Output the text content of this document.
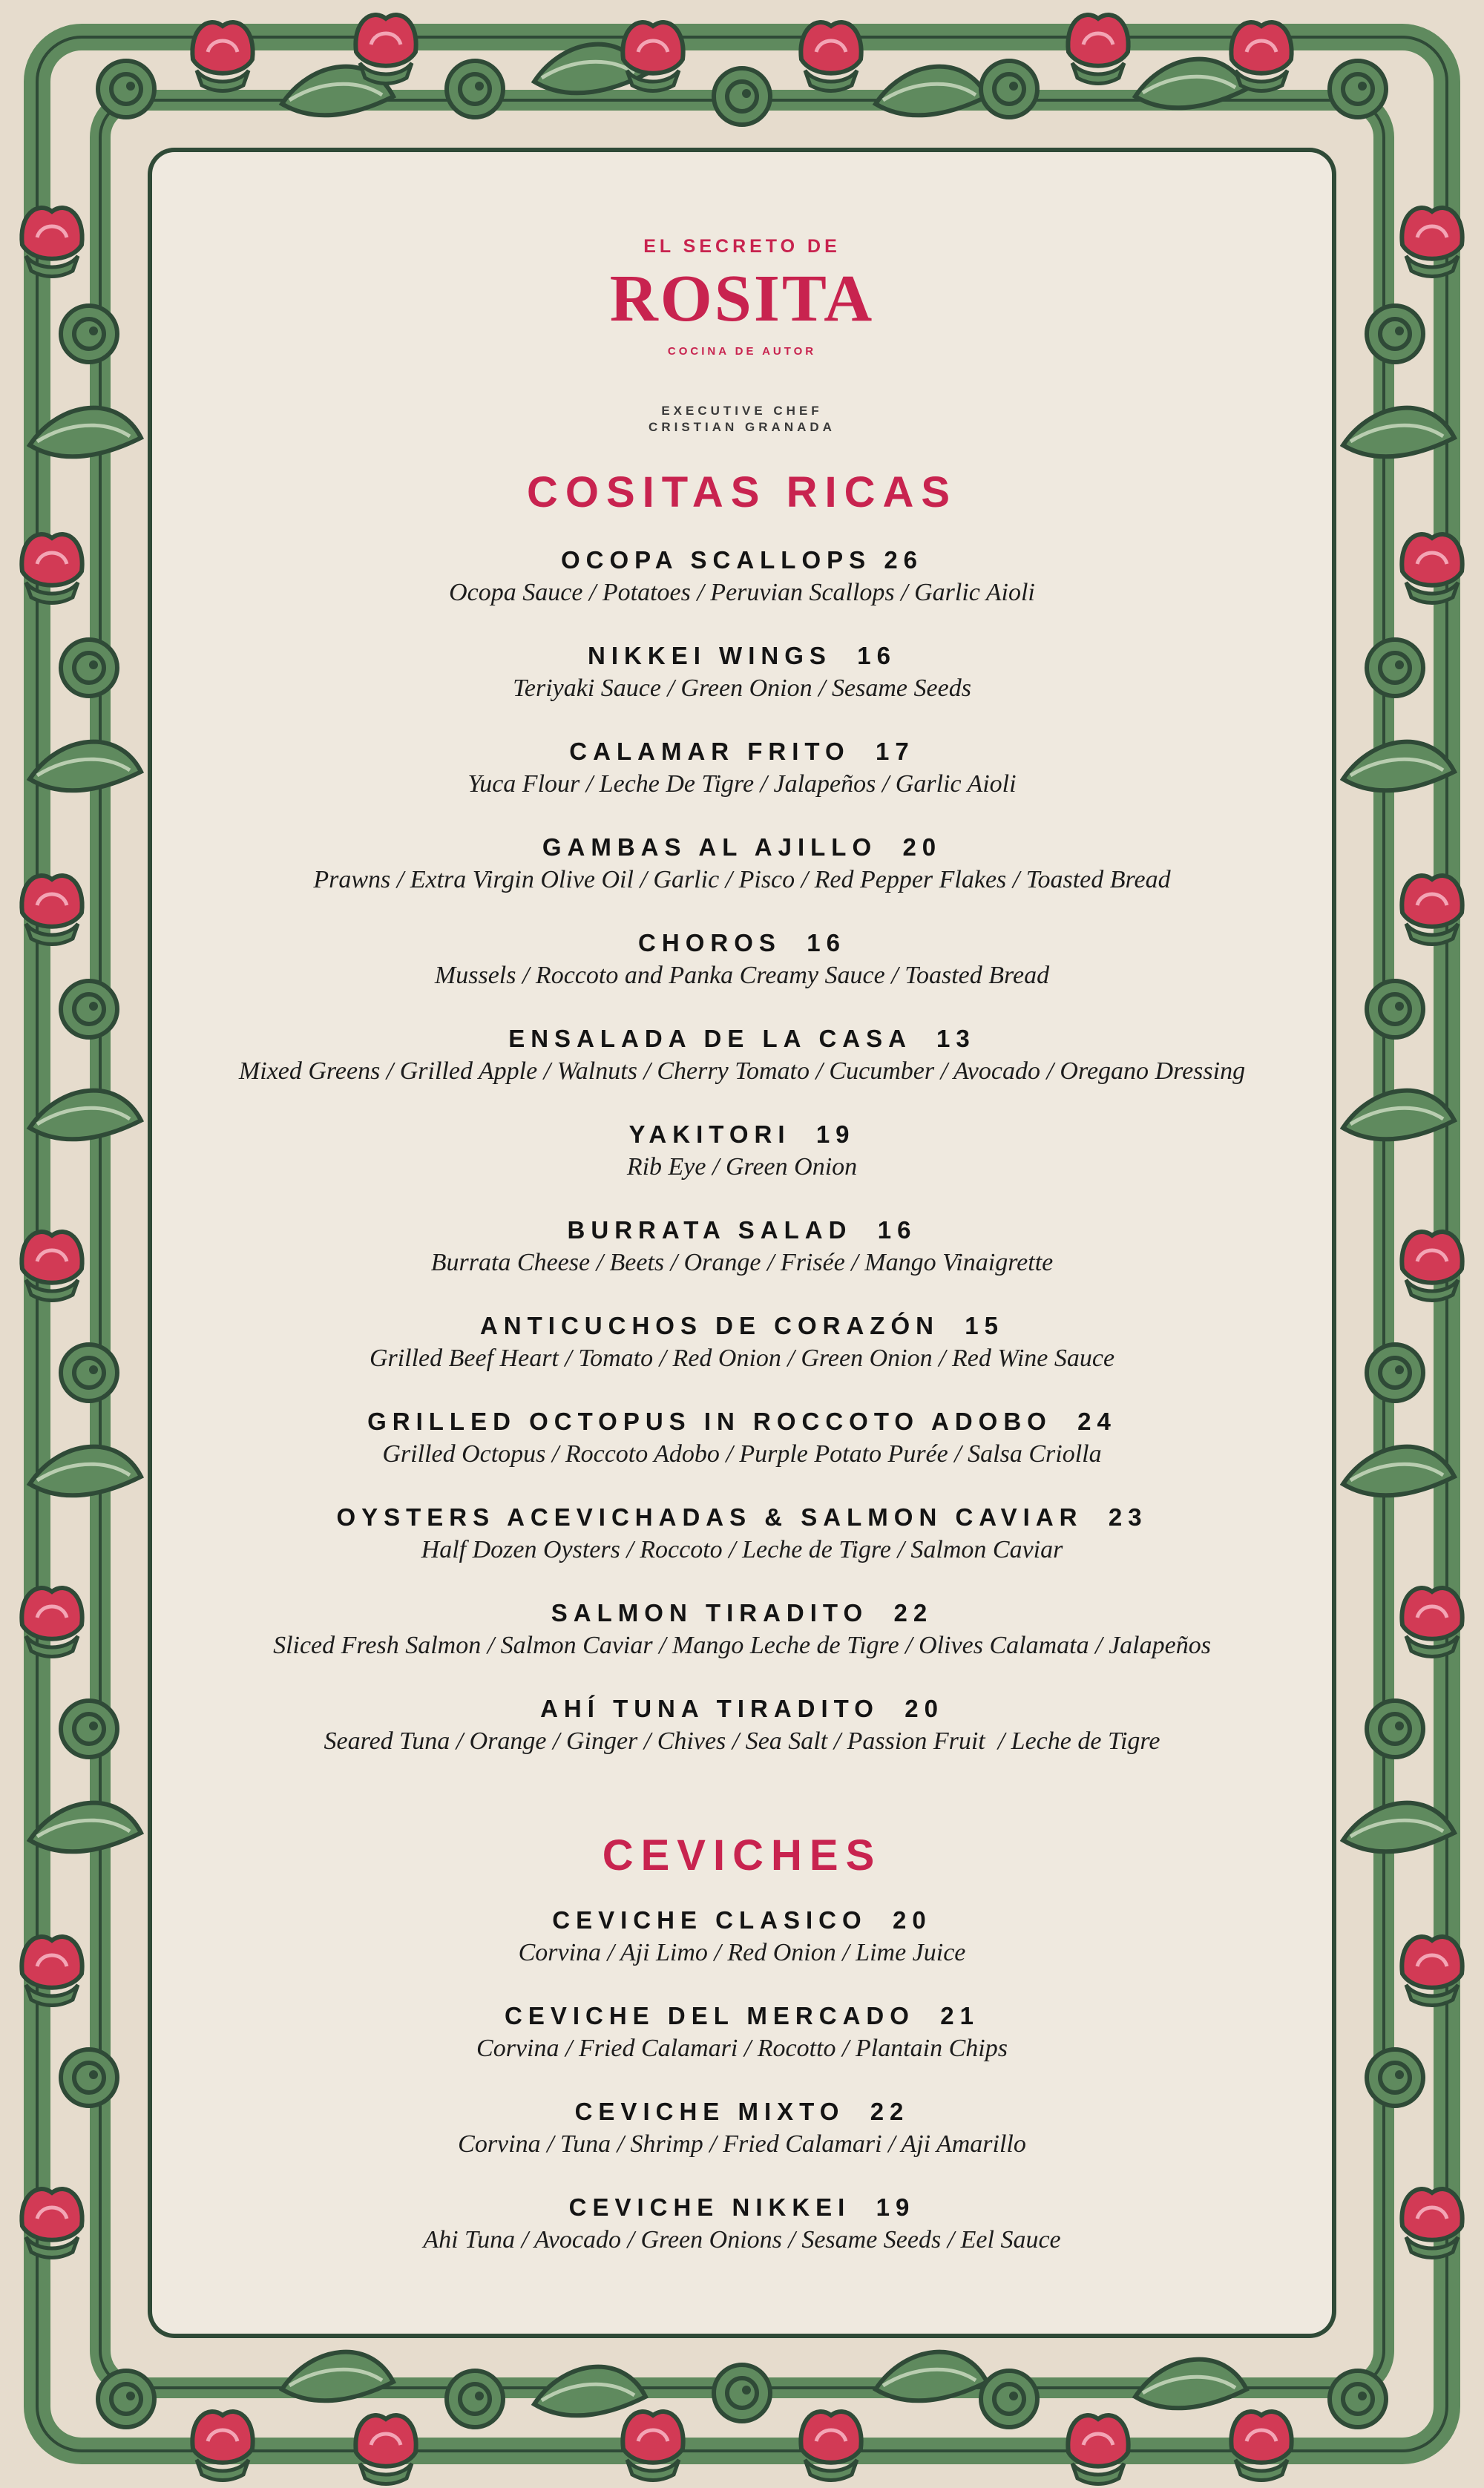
EL SECRETO DE
ROSITA
COCINA DE AUTOR
EXECUTIVE CHEF
CRISTIAN GRANADA
COSITAS RICAS
OCOPA SCALLOPS 26
Ocopa Sauce / Potatoes / Peruvian Scallops / Garlic Aioli
NIKKEI WINGS  16
Teriyaki Sauce / Green Onion / Sesame Seeds
CALAMAR FRITO  17
Yuca Flour / Leche De Tigre / Jalapeños / Garlic Aioli
GAMBAS AL AJILLO  20
Prawns / Extra Virgin Olive Oil / Garlic / Pisco / Red Pepper Flakes / Toasted Bread
CHOROS  16
Mussels / Roccoto and Panka Creamy Sauce / Toasted Bread
ENSALADA DE LA CASA  13
Mixed Greens / Grilled Apple / Walnuts / Cherry Tomato / Cucumber / Avocado / Oregano Dressing
YAKITORI  19
Rib Eye / Green Onion
BURRATA SALAD  16
Burrata Cheese / Beets / Orange / Frisée / Mango Vinaigrette
ANTICUCHOS DE CORAZÓN  15
Grilled Beef Heart / Tomato / Red Onion / Green Onion / Red Wine Sauce
GRILLED OCTOPUS IN ROCCOTO ADOBO  24
Grilled Octopus / Roccoto Adobo / Purple Potato Purée / Salsa Criolla
OYSTERS ACEVICHADAS & SALMON CAVIAR  23
Half Dozen Oysters / Roccoto / Leche de Tigre / Salmon Caviar
SALMON TIRADITO  22
Sliced Fresh Salmon / Salmon Caviar / Mango Leche de Tigre / Olives Calamata / Jalapeños
AHÍ TUNA TIRADITO  20
Seared Tuna / Orange / Ginger / Chives / Sea Salt / Passion Fruit  / Leche de Tigre
CEVICHES
CEVICHE CLASICO  20
Corvina / Aji Limo / Red Onion / Lime Juice
CEVICHE DEL MERCADO  21
Corvina / Fried Calamari / Rocotto / Plantain Chips
CEVICHE MIXTO  22
Corvina / Tuna / Shrimp / Fried Calamari / Aji Amarillo
CEVICHE NIKKEI  19
Ahi Tuna / Avocado / Green Onions / Sesame Seeds / Eel Sauce
